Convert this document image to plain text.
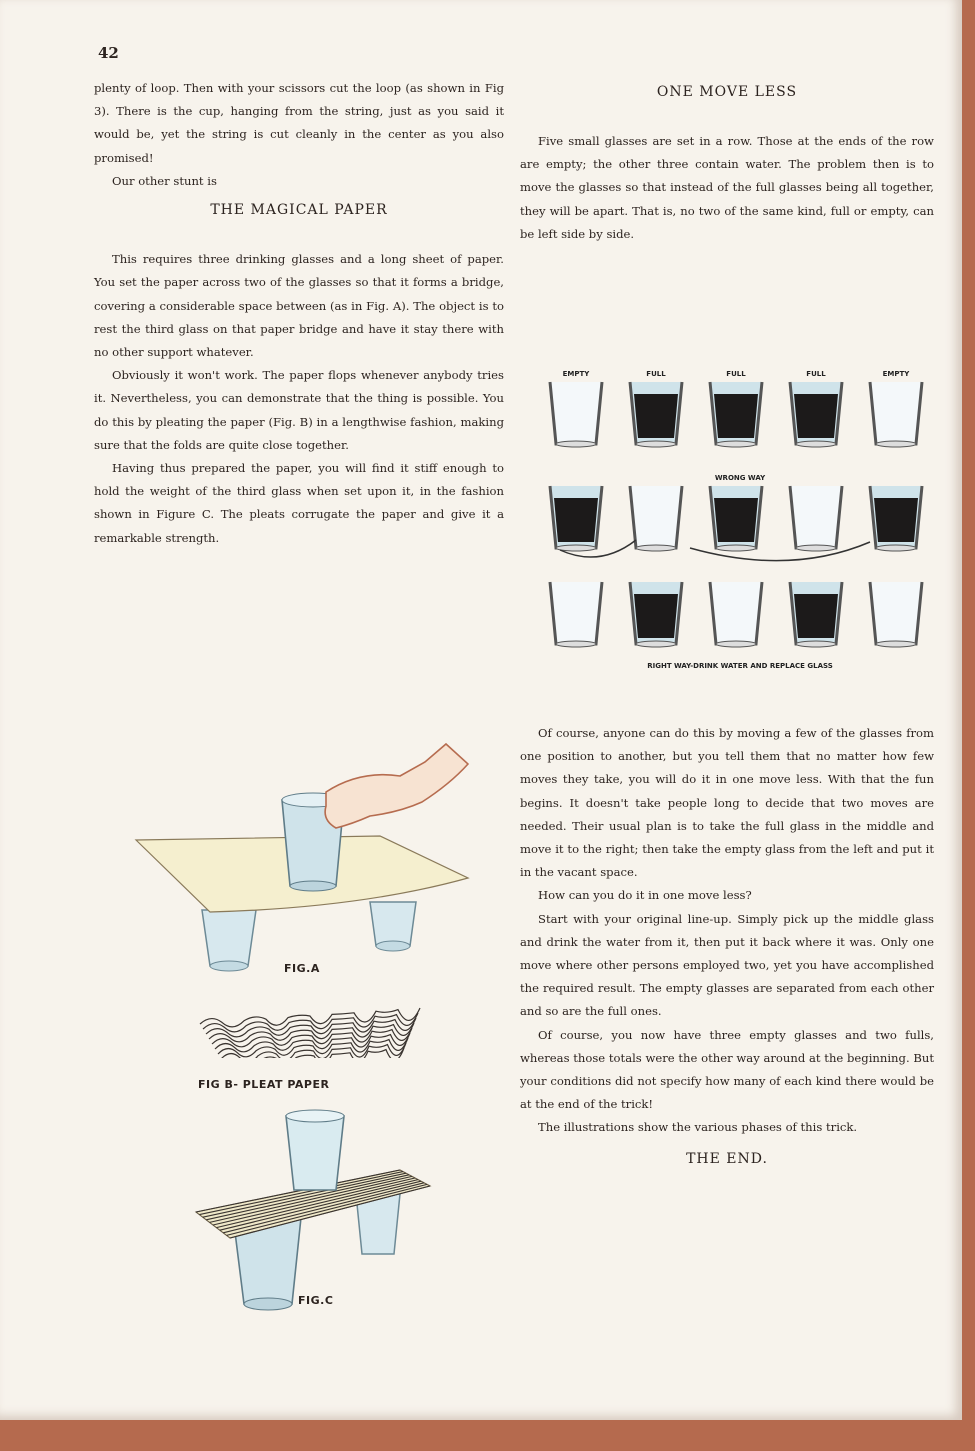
42

plenty of loop. Then with your scissors cut the loop (as shown in Fig 3). There is the cup, hanging from the string, just as you said it would be, yet the string is cut cleanly in the center as you also promised!

Our other stunt is

THE MAGICAL PAPER

This requires three drinking glasses and a long sheet of paper. You set the paper across two of the glasses so that it forms a bridge, covering a considerable space between (as in Fig. A). The object is to rest the third glass on that paper bridge and have it stay there with no other support whatever.

Obviously it won't work. The paper flops whenever anybody tries it. Nevertheless, you can demonstrate that the thing is possible. You do this by pleating the paper (Fig. B) in a lengthwise fashion, making sure that the folds are quite close together.

Having thus prepared the paper, you will find it stiff enough to hold the weight of the third glass when set upon it, in the fashion shown in Figure C. The pleats corrugate the paper and give it a remarkable strength.

FIG.A
FIG B- PLEAT PAPER
FIG.C
ONE MOVE LESS

Five small glasses are set in a row. Those at the ends of the row are empty; the other three contain water. The problem then is to move the glasses so that instead of the full glasses being all together, they will be apart. That is, no two of the same kind, full or empty, can be left side by side.

EMPTY	FULL	FULL	FULL	EMPTY
WRONG WAY
RIGHT WAY-DRINK WATER AND REPLACE GLASS

Of course, anyone can do this by moving a few of the glasses from one position to another, but you tell them that no matter how few moves they take, you will do it in one move less. With that the fun begins. It doesn't take people long to decide that two moves are needed. Their usual plan is to take the full glass in the middle and move it to the right; then take the empty glass from the left and put it in the vacant space.

How can you do it in one move less?

Start with your original line-up. Simply pick up the middle glass and drink the water from it, then put it back where it was. Only one move where other persons employed two, yet you have accomplished the required result. The empty glasses are separated from each other and so are the full ones.

Of course, you now have three empty glasses and two fulls, whereas those totals were the other way around at the beginning. But your conditions did not specify how many of each kind there would be at the end of the trick!

The illustrations show the various phases of this trick.

THE END.
